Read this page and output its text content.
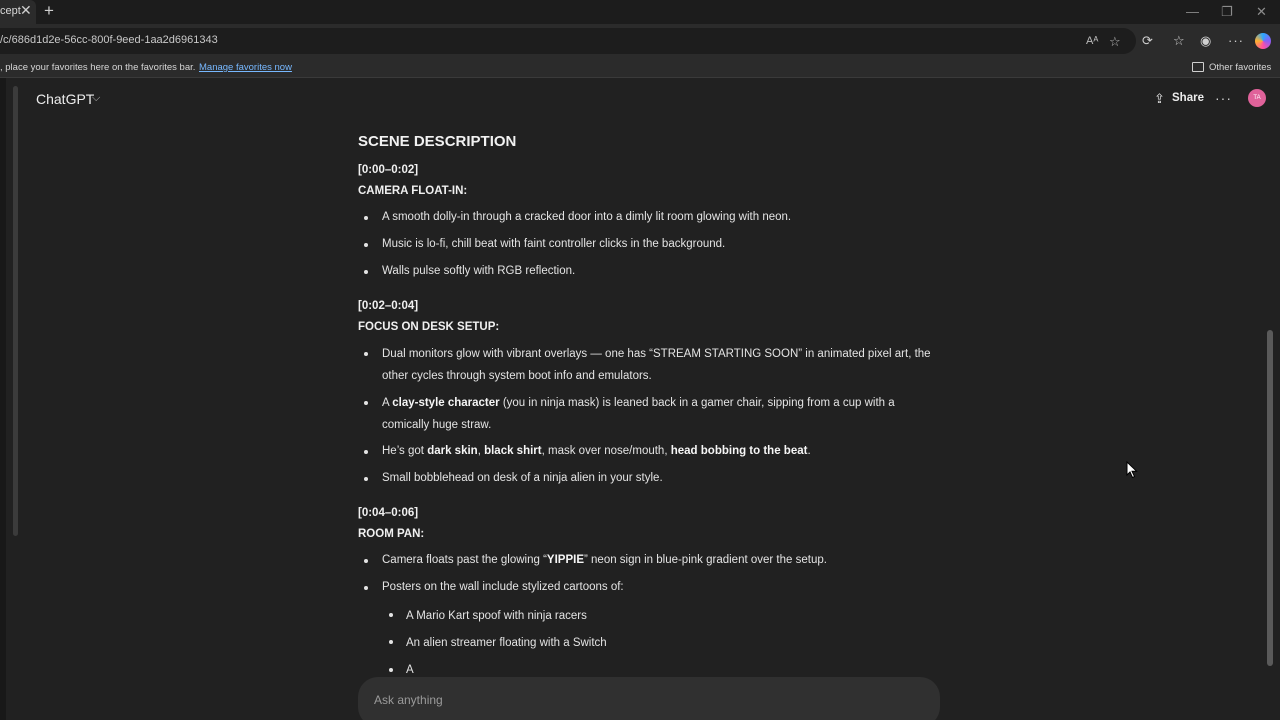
cept ✕ +	— ❐ ✕
/c/686d1d2e-56cc-800f-9eed-1aa2d6961343	Aᴬ ☆ ⟳ ☆ ◉ ···
, place your favorites here on the favorites bar. Manage favorites now	Other favorites
ChatGPT
⌵	⇪ Share ···	TA
SCENE DESCRIPTION
[0:00–0:02]
CAMERA FLOAT-IN:
A smooth dolly-in through a cracked door into a dimly lit room glowing with neon.
Music is lo-fi, chill beat with faint controller clicks in the background.
Walls pulse softly with RGB reflection.
[0:02–0:04]
FOCUS ON DESK SETUP:
Dual monitors glow with vibrant overlays — one has “STREAM STARTING SOON” in animated pixel art, the other cycles through system boot info and emulators.
A clay-style character (you in ninja mask) is leaned back in a gamer chair, sipping from a cup with a comically huge straw.
He’s got dark skin, black shirt, mask over nose/mouth, head bobbing to the beat.
Small bobblehead on desk of a ninja alien in your style.
[0:04–0:06]
ROOM PAN:
Camera floats past the glowing “YIPPIE” neon sign in blue-pink gradient over the setup.
Posters on the wall include stylized cartoons of:
A Mario Kart spoof with ninja racers
An alien streamer floating with a Switch
A
Ask anything
